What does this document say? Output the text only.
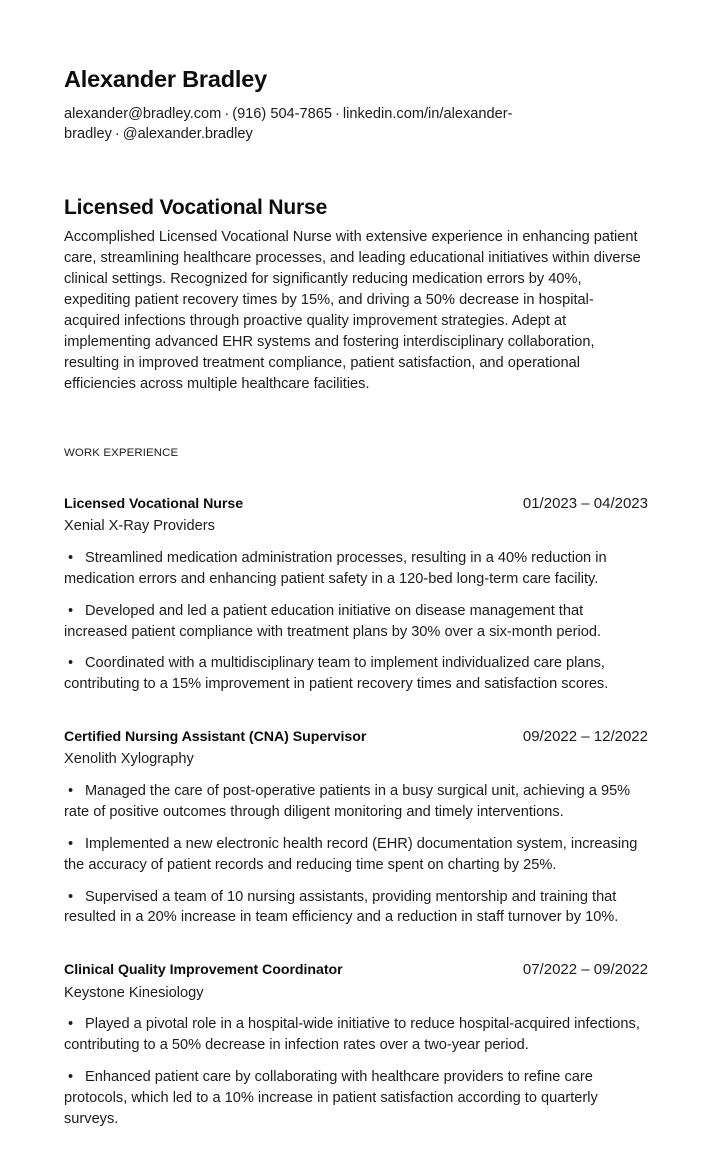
Alexander Bradley

alexander@bradley.com · (916) 504-7865 · linkedin.com/in/alexander-bradley · @alexander.bradley

Licensed Vocational Nurse

Accomplished Licensed Vocational Nurse with extensive experience in enhancing patient care, streamlining healthcare processes, and leading educational initiatives within diverse clinical settings. Recognized for significantly reducing medication errors by 40%, expediting patient recovery times by 15%, and driving a 50% decrease in hospital-acquired infections through proactive quality improvement strategies. Adept at implementing advanced EHR systems and fostering interdisciplinary collaboration, resulting in improved treatment compliance, patient satisfaction, and operational efficiencies across multiple healthcare facilities.

WORK EXPERIENCE
Licensed Vocational Nurse	01/2023 – 04/2023
Xenial X-Ray Providers
• Streamlined medication administration processes, resulting in a 40% reduction in medication errors and enhancing patient safety in a 120-bed long-term care facility.
• Developed and led a patient education initiative on disease management that increased patient compliance with treatment plans by 30% over a six-month period.
• Coordinated with a multidisciplinary team to implement individualized care plans, contributing to a 15% improvement in patient recovery times and satisfaction scores.
Certified Nursing Assistant (CNA) Supervisor	09/2022 – 12/2022
Xenolith Xylography
• Managed the care of post-operative patients in a busy surgical unit, achieving a 95% rate of positive outcomes through diligent monitoring and timely interventions.
• Implemented a new electronic health record (EHR) documentation system, increasing the accuracy of patient records and reducing time spent on charting by 25%.
• Supervised a team of 10 nursing assistants, providing mentorship and training that resulted in a 20% increase in team efficiency and a reduction in staff turnover by 10%.
Clinical Quality Improvement Coordinator	07/2022 – 09/2022
Keystone Kinesiology
• Played a pivotal role in a hospital-wide initiative to reduce hospital-acquired infections, contributing to a 50% decrease in infection rates over a two-year period.
• Enhanced patient care by collaborating with healthcare providers to refine care protocols, which led to a 10% increase in patient satisfaction according to quarterly surveys.
